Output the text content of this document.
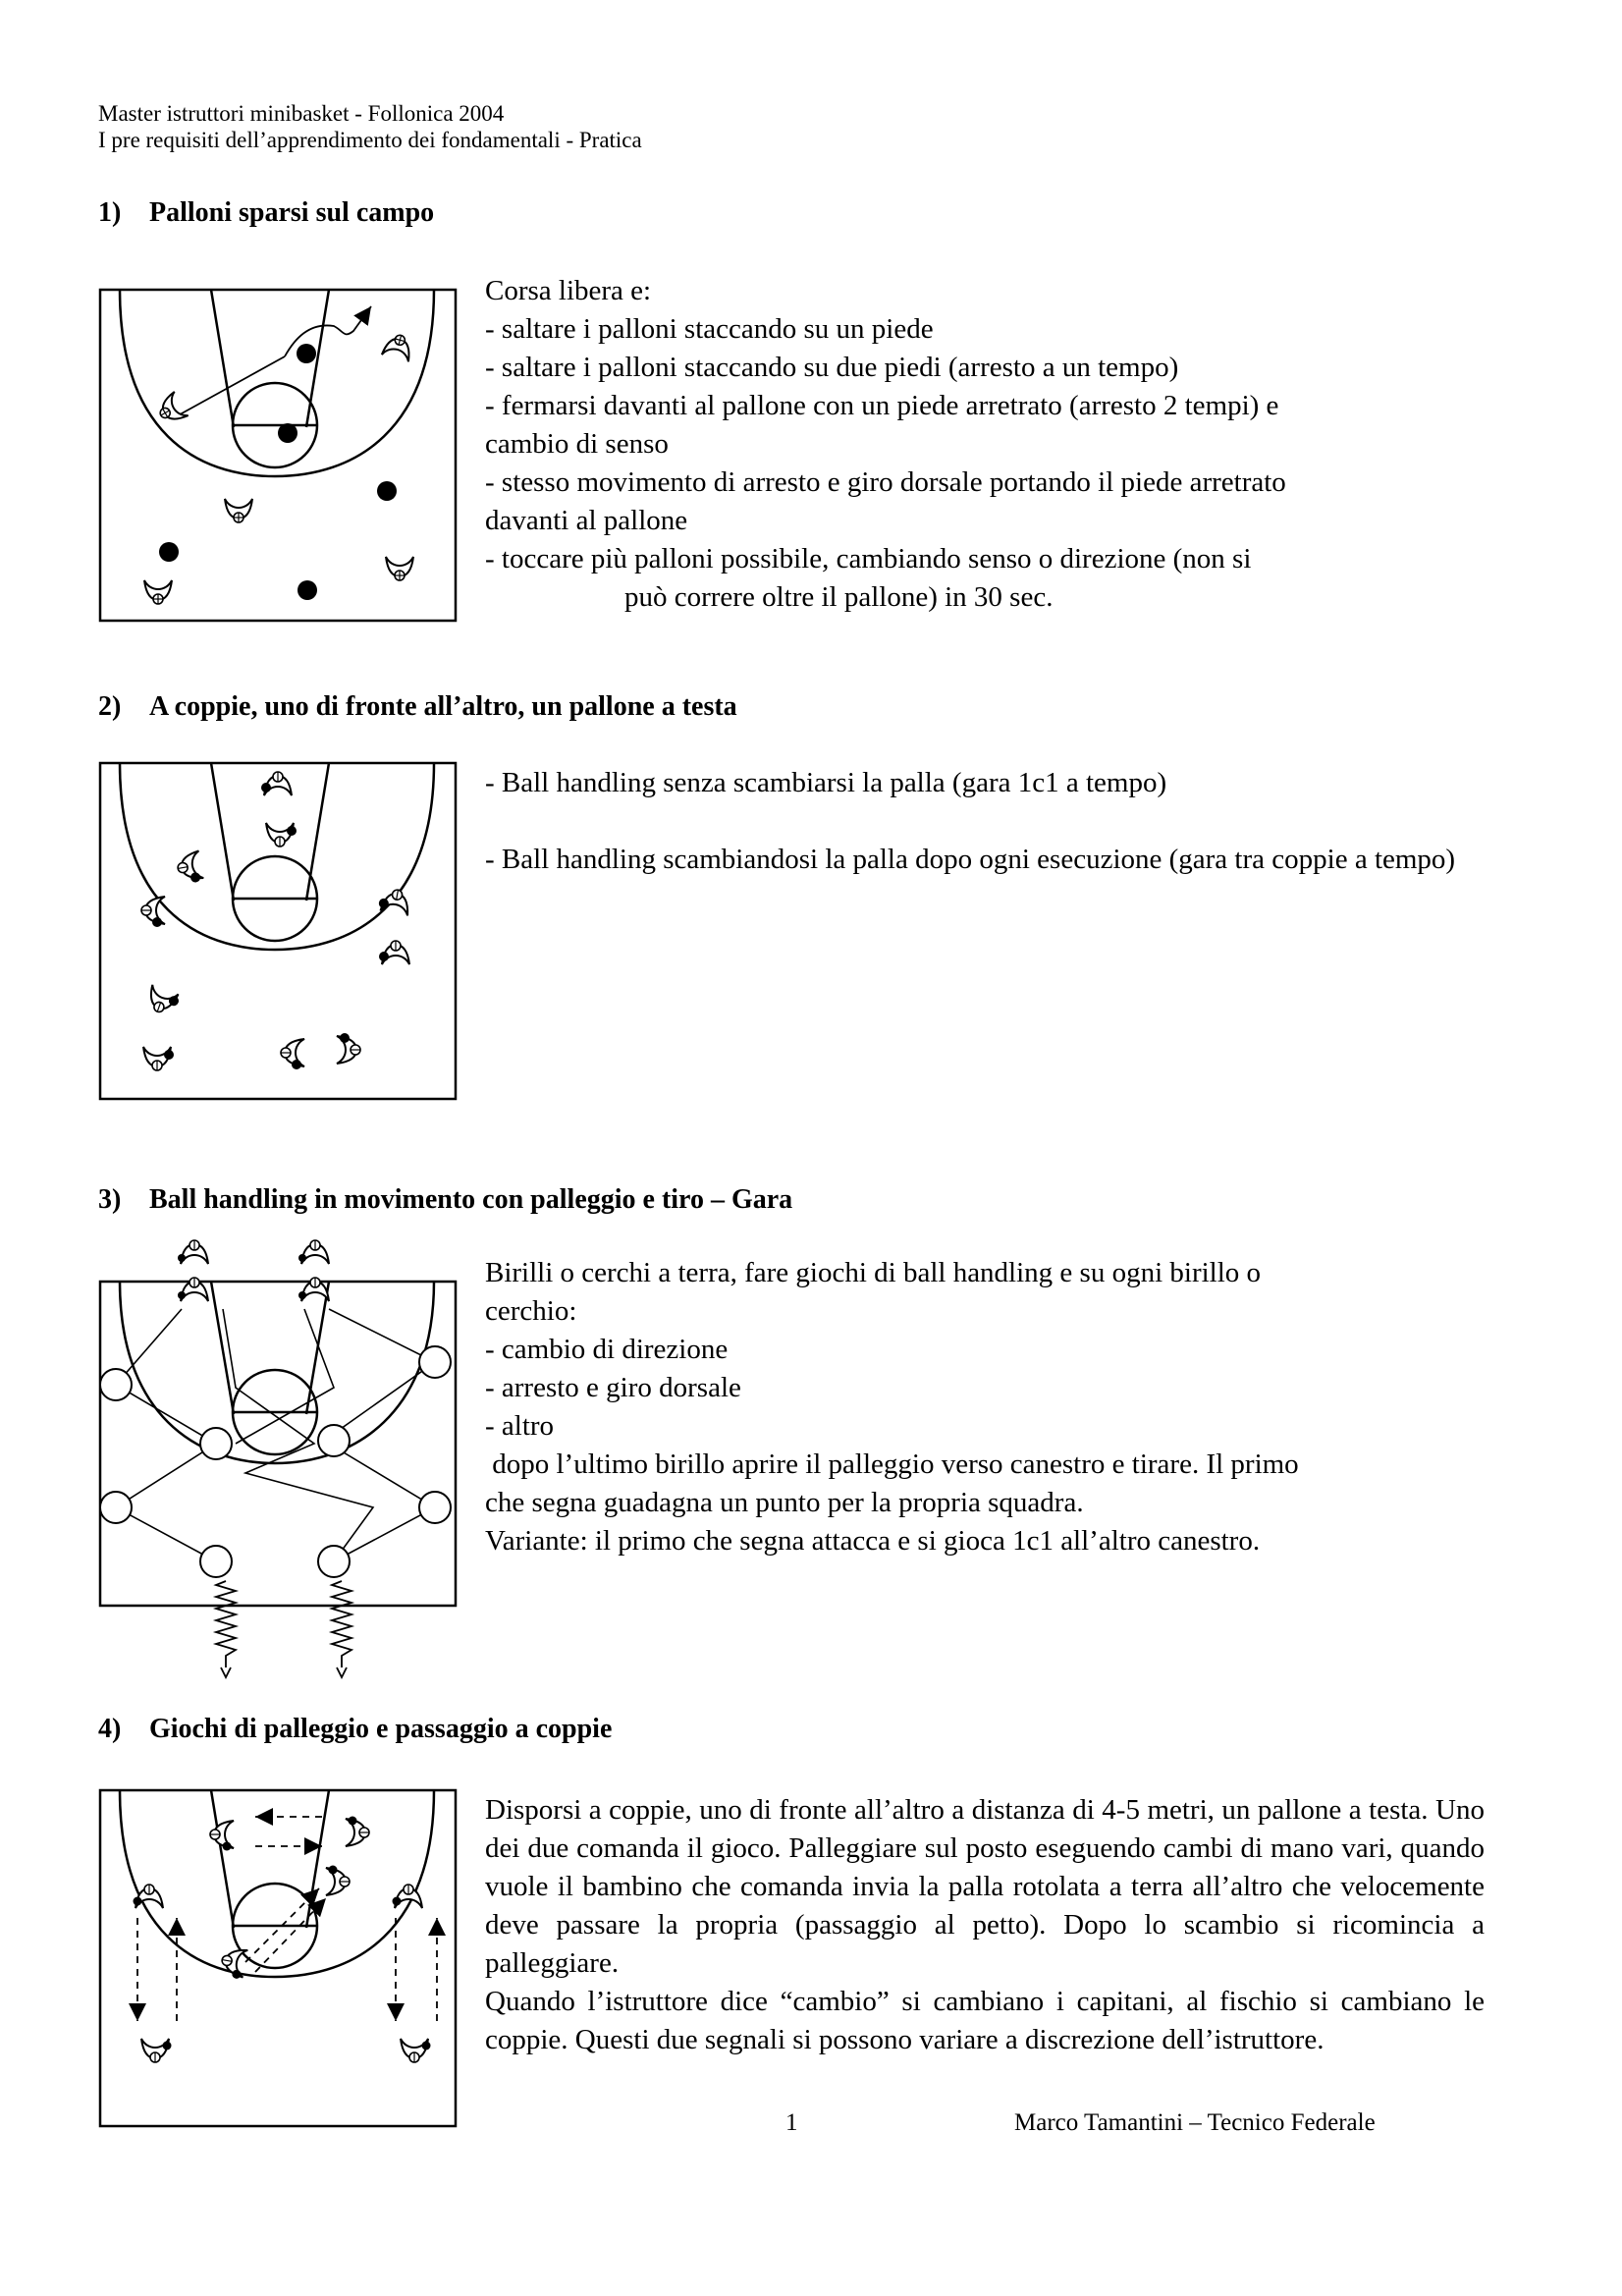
Master istruttori minibasket - Follonica 2004
I pre requisiti dell’apprendimento dei fondamentali - Pratica
1) Palloni sparsi sul campo

Corsa libera e:

- saltare i palloni staccando su un piede

- saltare i palloni staccando su due piedi (arresto a un tempo)

- fermarsi davanti al pallone con un piede arretrato (arresto 2 tempi) e

cambio di senso

- stesso movimento di arresto e giro dorsale portando il piede arretrato

davanti al pallone

- toccare più palloni possibile, cambiando senso o direzione (non si

può correre oltre il pallone) in 30 sec.

2) A coppie, uno di fronte all’altro, un pallone a testa

- Ball handling senza scambiarsi la palla (gara 1c1 a tempo)

- Ball handling scambiandosi la palla dopo ogni esecuzione (gara tra coppie a tempo)

3) Ball handling in movimento con palleggio e tiro – Gara

Birilli o cerchi a terra, fare giochi di ball handling e su ogni birillo o

cerchio:

- cambio di direzione

- arresto e giro dorsale

- altro

dopo l’ultimo birillo aprire il palleggio verso canestro e tirare. Il primo

che segna guadagna un punto per la propria squadra.

Variante: il primo che segna attacca e si gioca 1c1 all’altro canestro.

4) Giochi di palleggio e passaggio a coppie

Disporsi a coppie, uno di fronte all’altro a distanza di 4-5 metri, un pallone a testa. Uno dei due comanda il gioco. Palleggiare sul posto eseguendo cambi di mano vari, quando vuole il bambino che comanda invia la palla rotolata a terra all’altro che velocemente deve passare la propria (passaggio al petto). Dopo lo scambio si ricomincia a palleggiare.

Quando l’istruttore dice “cambio” si cambiano i capitani, al fischio si cambiano le coppie. Questi due segnali si possono variare a discrezione dell’istruttore.

1	Marco Tamantini – Tecnico Federale
